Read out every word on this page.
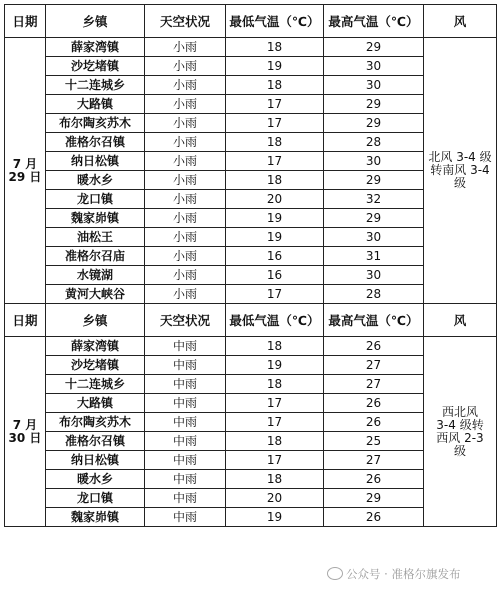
日期	乡镇	天空状况	最低气温（℃）	最高气温（℃）	风
7 月
29 日	薛家湾镇	小雨	18	29	北风 3-4 级
转南风 3-4
级
	沙圪堵镇	小雨	19	30	
	十二连城乡	小雨	18	30	
	大路镇	小雨	17	29	
	布尔陶亥苏木	小雨	17	29	
	准格尔召镇	小雨	18	28	
	纳日松镇	小雨	17	30	
	暖水乡	小雨	18	29	
	龙口镇	小雨	20	32	
	魏家峁镇	小雨	19	29	
	油松王	小雨	19	30	
	准格尔召庙	小雨	16	31	
	水镜湖	小雨	16	30	
	黄河大峡谷	小雨	17	28	
日期	乡镇	天空状况	最低气温（℃）	最高气温（℃）	风
7 月
30 日	薛家湾镇	中雨	18	26	西北风
3-4 级转
西风 2-3
级
	沙圪堵镇	中雨	19	27	
	十二连城乡	中雨	18	27	
	大路镇	中雨	17	26	
	布尔陶亥苏木	中雨	17	26	
	准格尔召镇	中雨	18	25	
	纳日松镇	中雨	17	27	
	暖水乡	中雨	18	26	
	龙口镇	中雨	20	29	
	魏家峁镇	中雨	19	26	
公众号 · 准格尔旗发布
